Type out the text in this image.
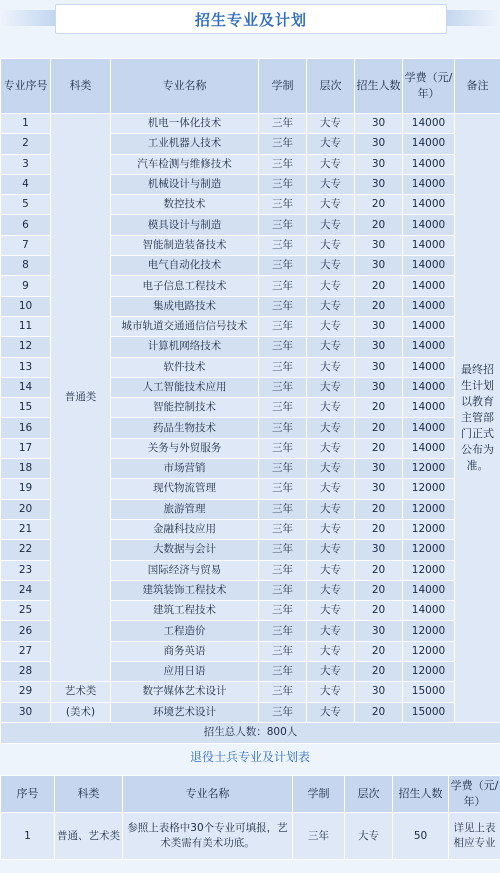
招生专业及计划
专业序号	科类	专业名称	学制	层次	招生人数	学费（元/年）	备注
1	普通类	机电一体化技术	三年	大专	30	14000	最终招生计划以教育主管部门正式公布为准。
2		工业机器人技术	三年	大专	30	14000	
3		汽车检测与维修技术	三年	大专	30	14000	
4		机械设计与制造	三年	大专	30	14000	
5		数控技术	三年	大专	20	14000	
6		模具设计与制造	三年	大专	20	14000	
7		智能制造装备技术	三年	大专	30	14000	
8		电气自动化技术	三年	大专	30	14000	
9		电子信息工程技术	三年	大专	20	14000	
10		集成电路技术	三年	大专	20	14000	
11		城市轨道交通通信信号技术	三年	大专	30	14000	
12		计算机网络技术	三年	大专	30	14000	
13		软件技术	三年	大专	30	14000	
14		人工智能技术应用	三年	大专	30	14000	
15		智能控制技术	三年	大专	20	14000	
16		药品生物技术	三年	大专	20	14000	
17		关务与外贸服务	三年	大专	20	14000	
18		市场营销	三年	大专	30	12000	
19		现代物流管理	三年	大专	30	12000	
20		旅游管理	三年	大专	20	12000	
21		金融科技应用	三年	大专	20	12000	
22		大数据与会计	三年	大专	30	12000	
23		国际经济与贸易	三年	大专	20	12000	
24		建筑装饰工程技术	三年	大专	20	14000	
25		建筑工程技术	三年	大专	20	14000	
26		工程造价	三年	大专	30	12000	
27		商务英语	三年	大专	20	12000	
28		应用日语	三年	大专	20	12000	
29	艺术类	数字媒体艺术设计	三年	大专	30	15000	
30	(美术)	环境艺术设计	三年	大专	20	15000	
招生总人数：800人							
退役士兵专业及计划表
序号	科类	专业名称	学制	层次	招生人数	学费（元/年）
1	普通、艺术类	参照上表格中30个专业可填报，艺术类需有美术功底。	三年	大专	50	详见上表相应专业
